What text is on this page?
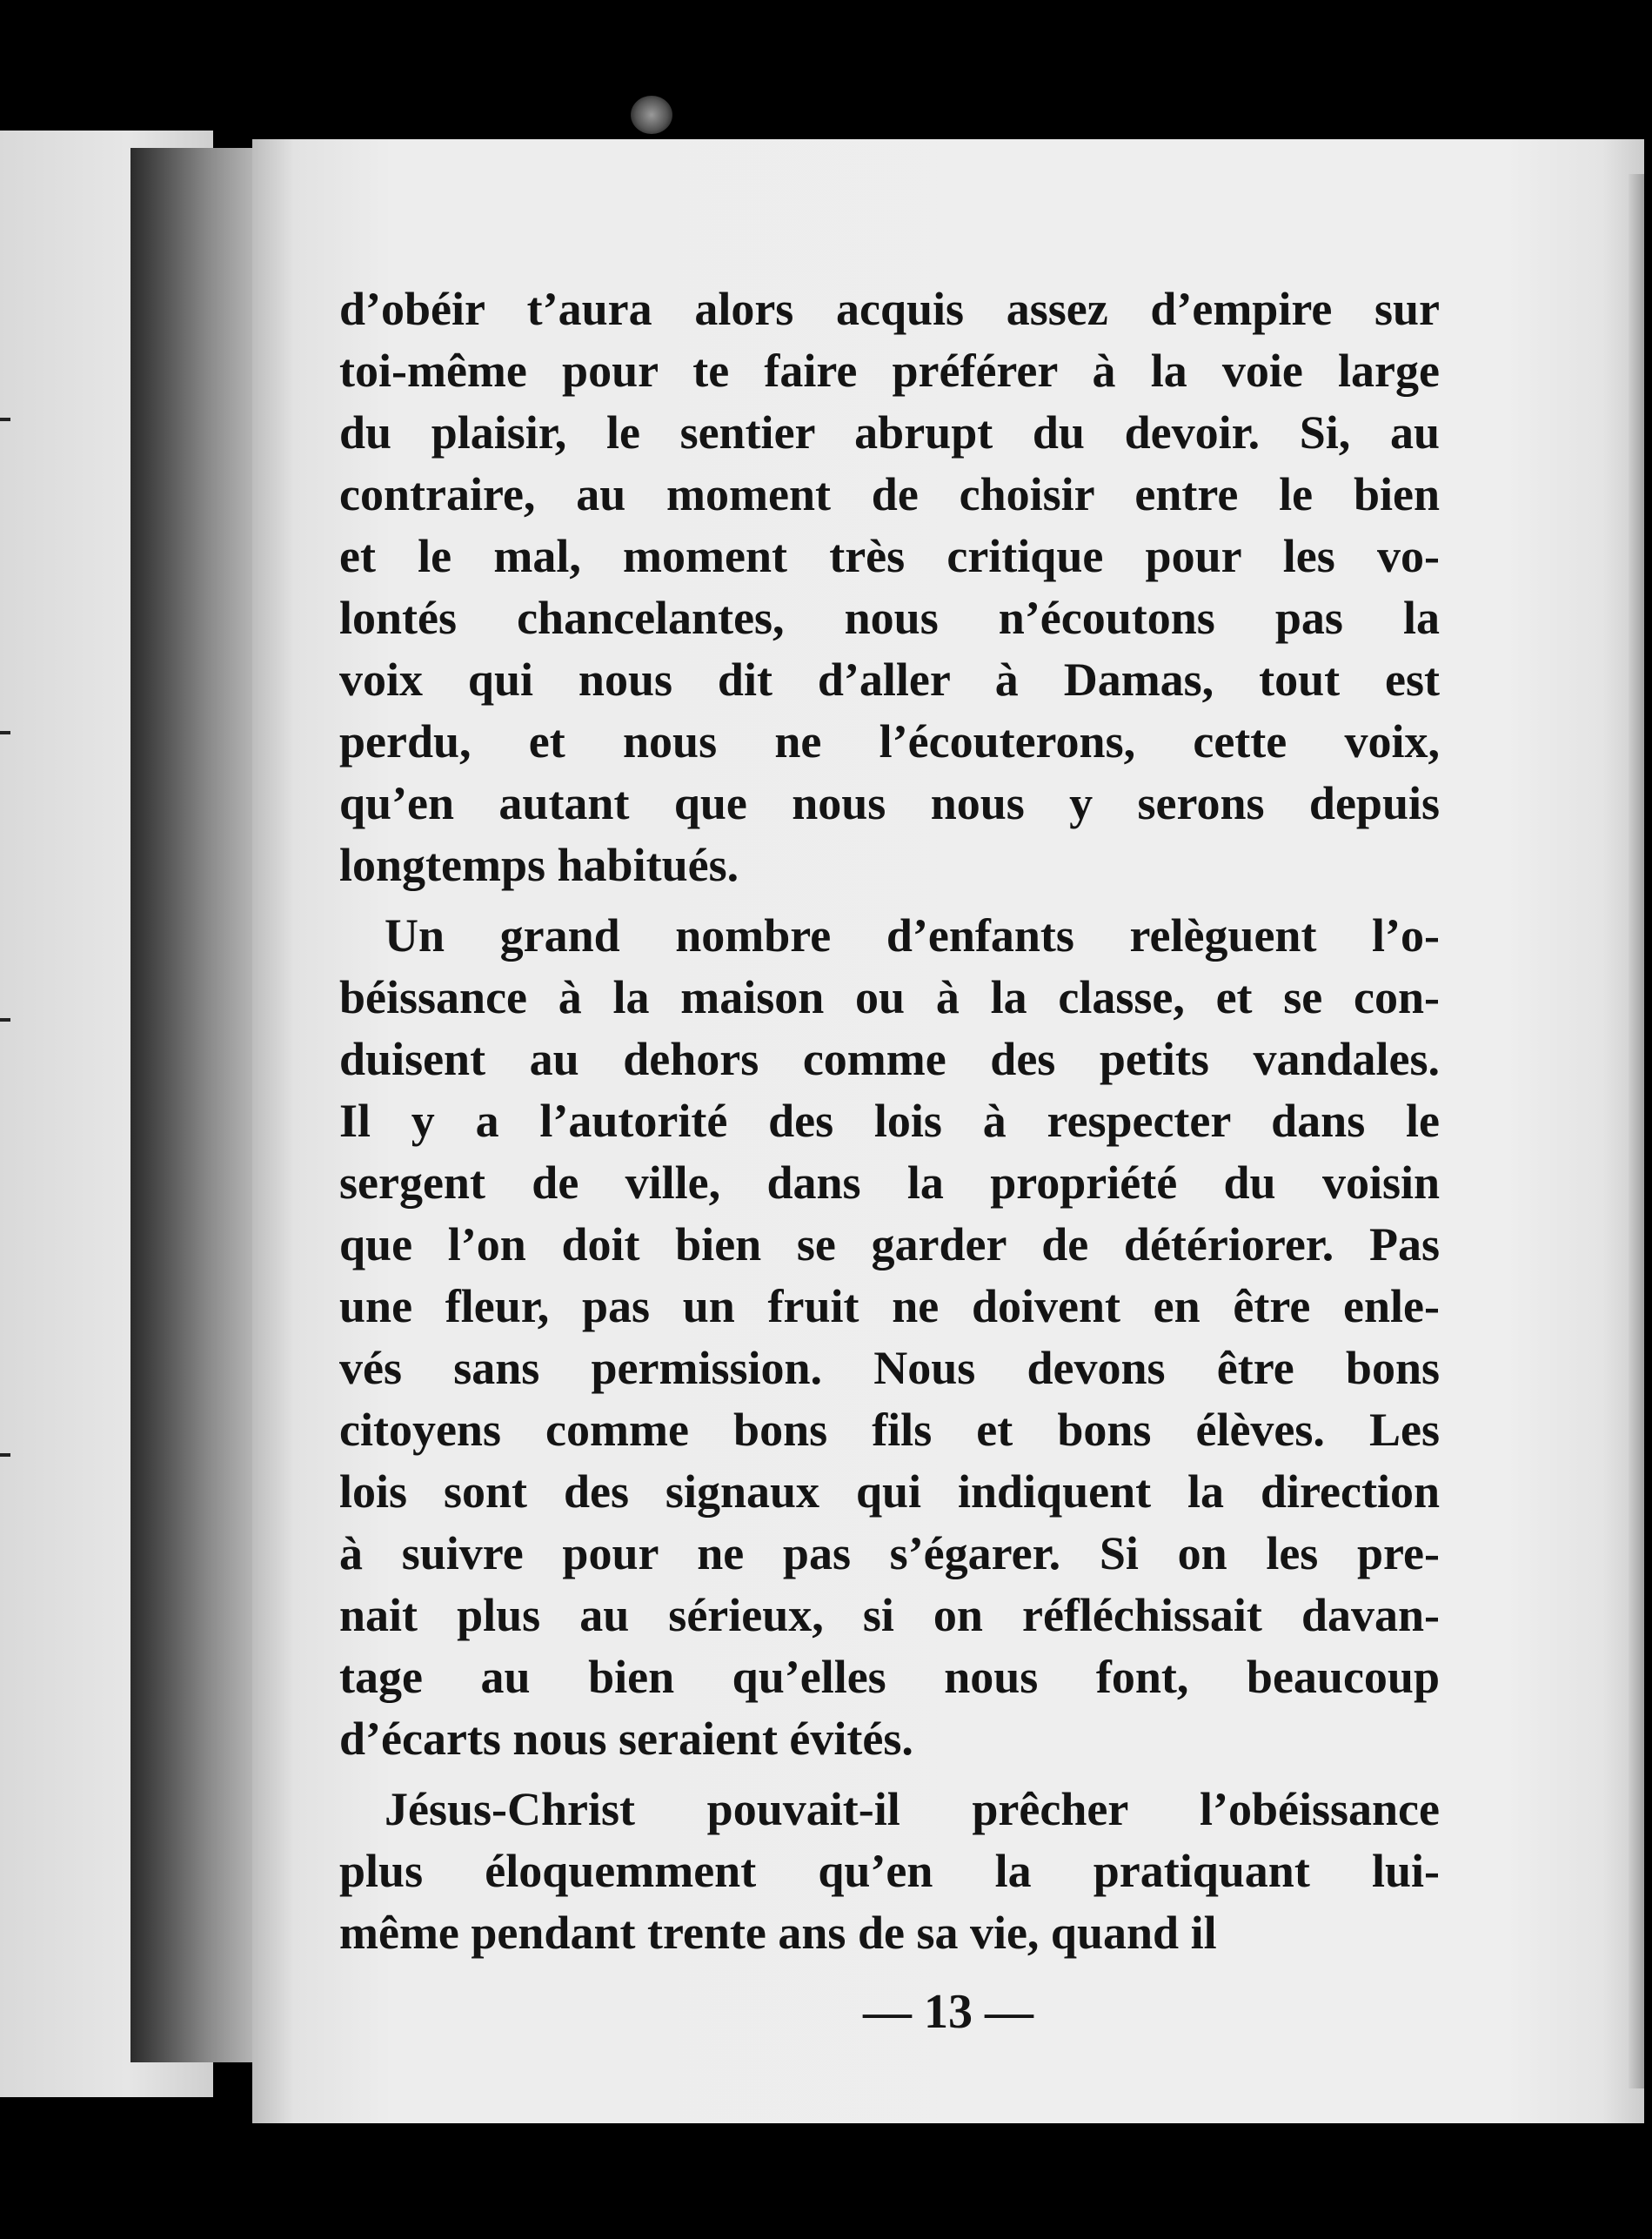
d’obéir t’aura alors acquis assez d’empire sur
toi-même pour te faire préférer à la voie large
du plaisir, le sentier abrupt du devoir. Si, au
contraire, au moment de choisir entre le bien
et le mal, moment très critique pour les vo-
lontés chancelantes, nous n’écoutons pas la
voix qui nous dit d’aller à Damas, tout est
perdu, et nous ne l’écouterons, cette voix,
qu’en autant que nous nous y serons depuis
longtemps habitués.
Un grand nombre d’enfants relèguent l’o-
béissance à la maison ou à la classe, et se con-
duisent au dehors comme des petits vandales.
Il y a l’autorité des lois à respecter dans le
sergent de ville, dans la propriété du voisin
que l’on doit bien se garder de détériorer. Pas
une fleur, pas un fruit ne doivent en être enle-
vés sans permission. Nous devons être bons
citoyens comme bons fils et bons élèves. Les
lois sont des signaux qui indiquent la direction
à suivre pour ne pas s’égarer. Si on les pre-
nait plus au sérieux, si on réfléchissait davan-
tage au bien qu’elles nous font, beaucoup
d’écarts nous seraient évités.
Jésus-Christ pouvait-il prêcher l’obéissance
plus éloquemment qu’en la pratiquant lui-
même pendant trente ans de sa vie, quand il
— 13 —
